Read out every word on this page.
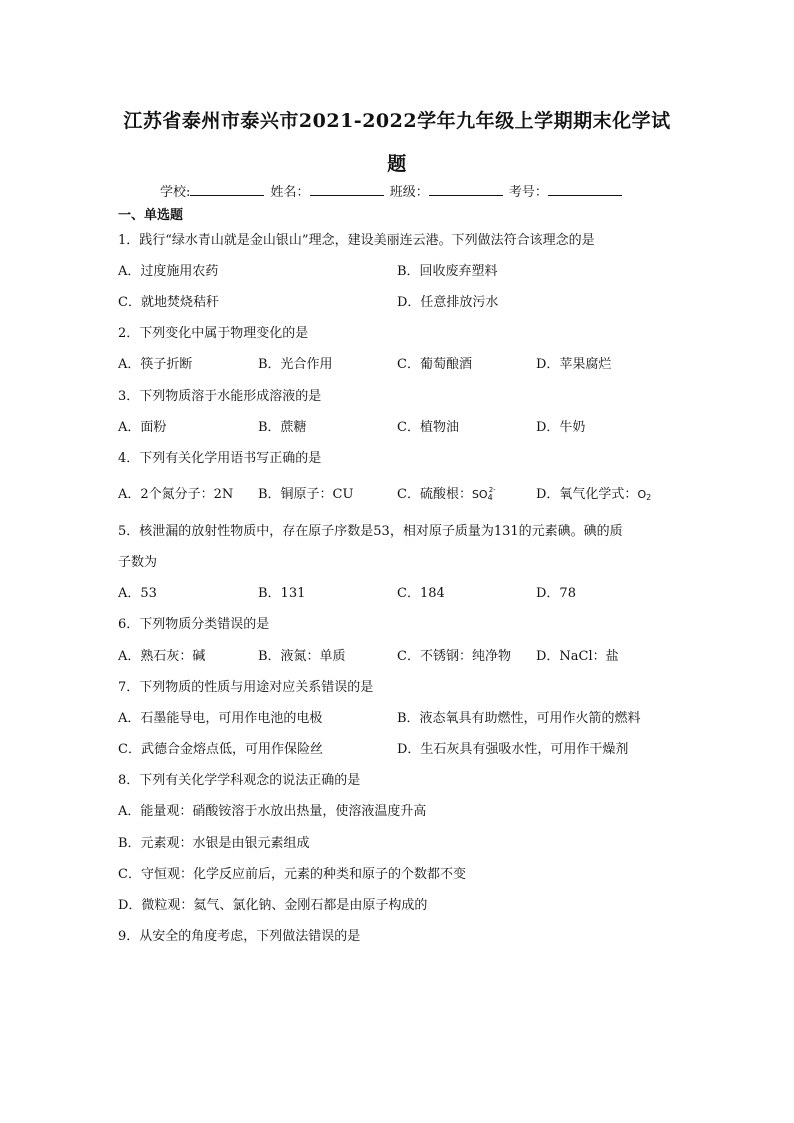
江苏省泰州市泰兴市2021-2022学年九年级上学期期末化学试
题
学校:	姓名：	班级：	考号：
一、单选题
1．践行“绿水青山就是金山银山”理念，建设美丽连云港。下列做法符合该理念的是
A．过度施用农药	B．回收废弃塑料
C．就地焚烧秸秆	D．任意排放污水
2．下列变化中属于物理变化的是
A．筷子折断	B．光合作用	C．葡萄酿酒	D．苹果腐烂
3．下列物质溶于水能形成溶液的是
A．面粉	B．蔗糖	C．植物油	D．牛奶
4．下列有关化学用语书写正确的是
A．2个氮分子：2N B．铜原子：CU	C．硫酸根：$SO_4^{2-}$	D．氧气化学式：$O_2$
5．核泄漏的放射性物质中，存在原子序数是53，相对原子质量为131的元素碘。碘的质
子数为
A．53	B．131	C．184	D．78
6．下列物质分类错误的是
A．熟石灰：碱	B．液氮：单质	C．不锈钢：纯净物 D．NaCl：盐
7．下列物质的性质与用途对应关系错误的是
A．石墨能导电，可用作电池的电极	B．液态氧具有助燃性，可用作火箭的燃料
C．武德合金熔点低，可用作保险丝	D．生石灰具有强吸水性，可用作干燥剂
8．下列有关化学学科观念的说法正确的是
A．能量观：硝酸铵溶于水放出热量，使溶液温度升高
B．元素观：水银是由银元素组成
C．守恒观：化学反应前后，元素的种类和原子的个数都不变
D．微粒观：氦气、氯化钠、金刚石都是由原子构成的
9．从安全的角度考虑，下列做法错误的是
